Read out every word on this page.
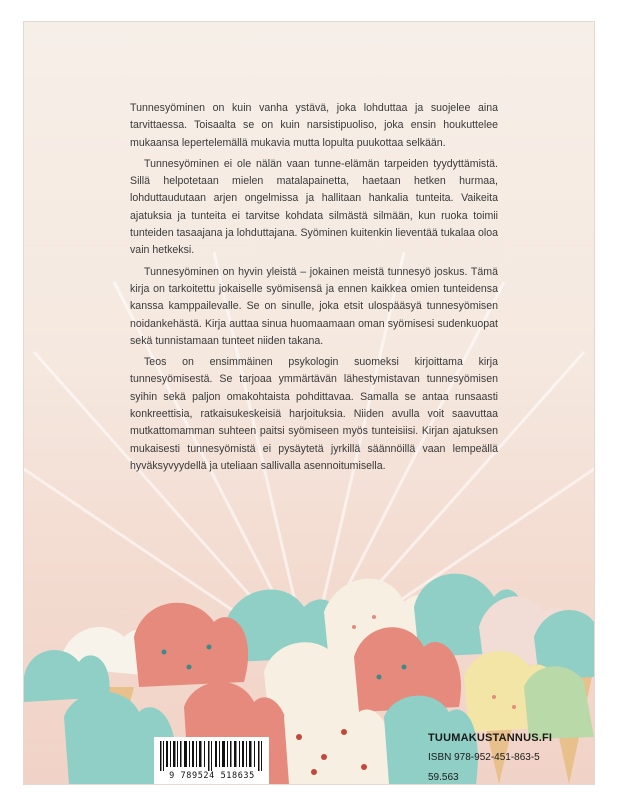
Tunnesyöminen on kuin vanha ystävä, joka lohduttaa ja suojelee aina tarvittaessa. Toisaalta se on kuin narsistipuoliso, joka ensin houkuttelee mukaansa lepertelemällä mukavia mutta lopulta puukottaa selkään.

Tunnesyöminen ei ole nälän vaan tunne-elämän tarpeiden tyydyttämistä. Sillä helpotetaan mielen matalapainetta, haetaan hetken hurmaa, lohduttaudutaan arjen ongelmissa ja hallitaan hankalia tunteita. Vaikeita ajatuksia ja tunteita ei tarvitse kohdata silmästä silmään, kun ruoka toimii tunteiden tasaajana ja lohduttajana. Syöminen kuitenkin lieventää tukalaa oloa vain hetkeksi.

Tunnesyöminen on hyvin yleistä – jokainen meistä tunnesyö joskus. Tämä kirja on tarkoitettu jokaiselle syömisensä ja ennen kaikkea omien tunteidensa kanssa kamppailevalle. Se on sinulle, joka etsit ulospääsyä tunnesyömisen noidankehästä. Kirja auttaa sinua huomaamaan oman syömisesi sudenkuopat sekä tunnistamaan tunteet niiden takana.

Teos on ensimmäinen psykologin suomeksi kirjoittama kirja tunnesyömisestä. Se tarjoaa ymmärtävän lähestymistavan tunnesyömisen syihin sekä paljon omakohtaista pohdittavaa. Samalla se antaa runsaasti konkreettisia, ratkaisukeskeisiä harjoituksia. Niiden avulla voit saavuttaa mutkattomamman suhteen paitsi syömiseen myös tunteisiisi. Kirjan ajatuksen mukaisesti tunnesyömistä ei pysäytetä jyrkillä säännöillä vaan lempeällä hyväksyvyydellä ja uteliaan sallivalla asennoitumisella.

9 789524 518635
TUUMAKUSTANNUS.FI
ISBN 978-952-451-863-5
59.563
